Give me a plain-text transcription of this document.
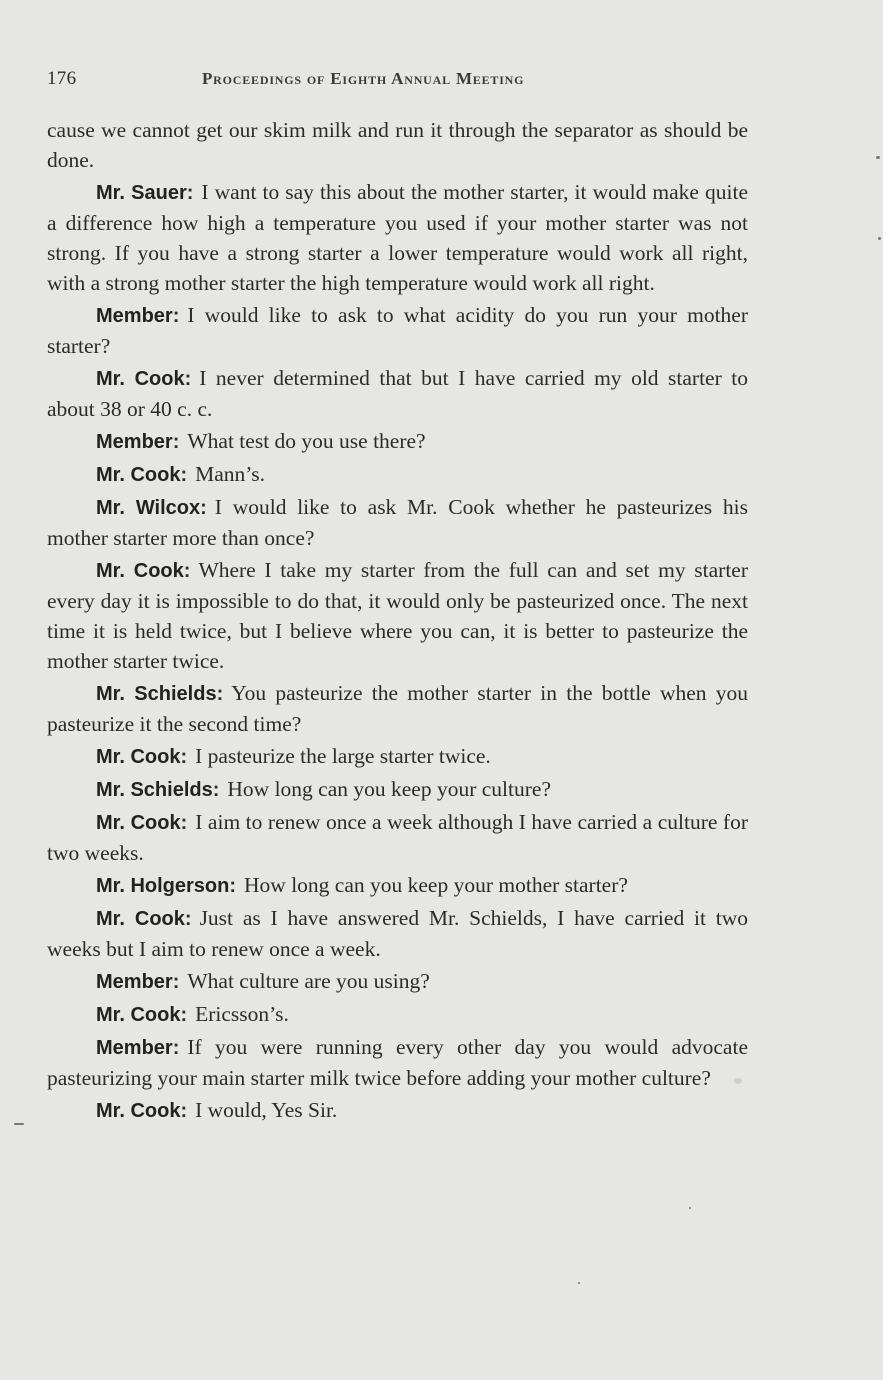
176	Proceedings of Eighth Annual Meeting

cause we cannot get our skim milk and run it through the separator as should be done.

Mr. Sauer: I want to say this about the mother starter, it would make quite a difference how high a temperature you used if your mother starter was not strong. If you have a strong starter a lower temperature would work all right, with a strong mother starter the high temperature would work all right.

Member: I would like to ask to what acidity do you run your mother starter?

Mr. Cook: I never determined that but I have carried my old starter to about 38 or 40 c. c.

Member: What test do you use there?

Mr. Cook: Mann’s.

Mr. Wilcox: I would like to ask Mr. Cook whether he pasteurizes his mother starter more than once?

Mr. Cook: Where I take my starter from the full can and set my starter every day it is impossible to do that, it would only be pasteurized once. The next time it is held twice, but I believe where you can, it is better to pasteurize the mother starter twice.

Mr. Schields: You pasteurize the mother starter in the bottle when you pasteurize it the second time?

Mr. Cook: I pasteurize the large starter twice.

Mr. Schields: How long can you keep your culture?

Mr. Cook: I aim to renew once a week although I have carried a culture for two weeks.

Mr. Holgerson: How long can you keep your mother starter?

Mr. Cook: Just as I have answered Mr. Schields, I have carried it two weeks but I aim to renew once a week.

Member: What culture are you using?

Mr. Cook: Ericsson’s.

Member: If you were running every other day you would advocate pasteurizing your main starter milk twice before adding your mother culture?

Mr. Cook: I would, Yes Sir.
